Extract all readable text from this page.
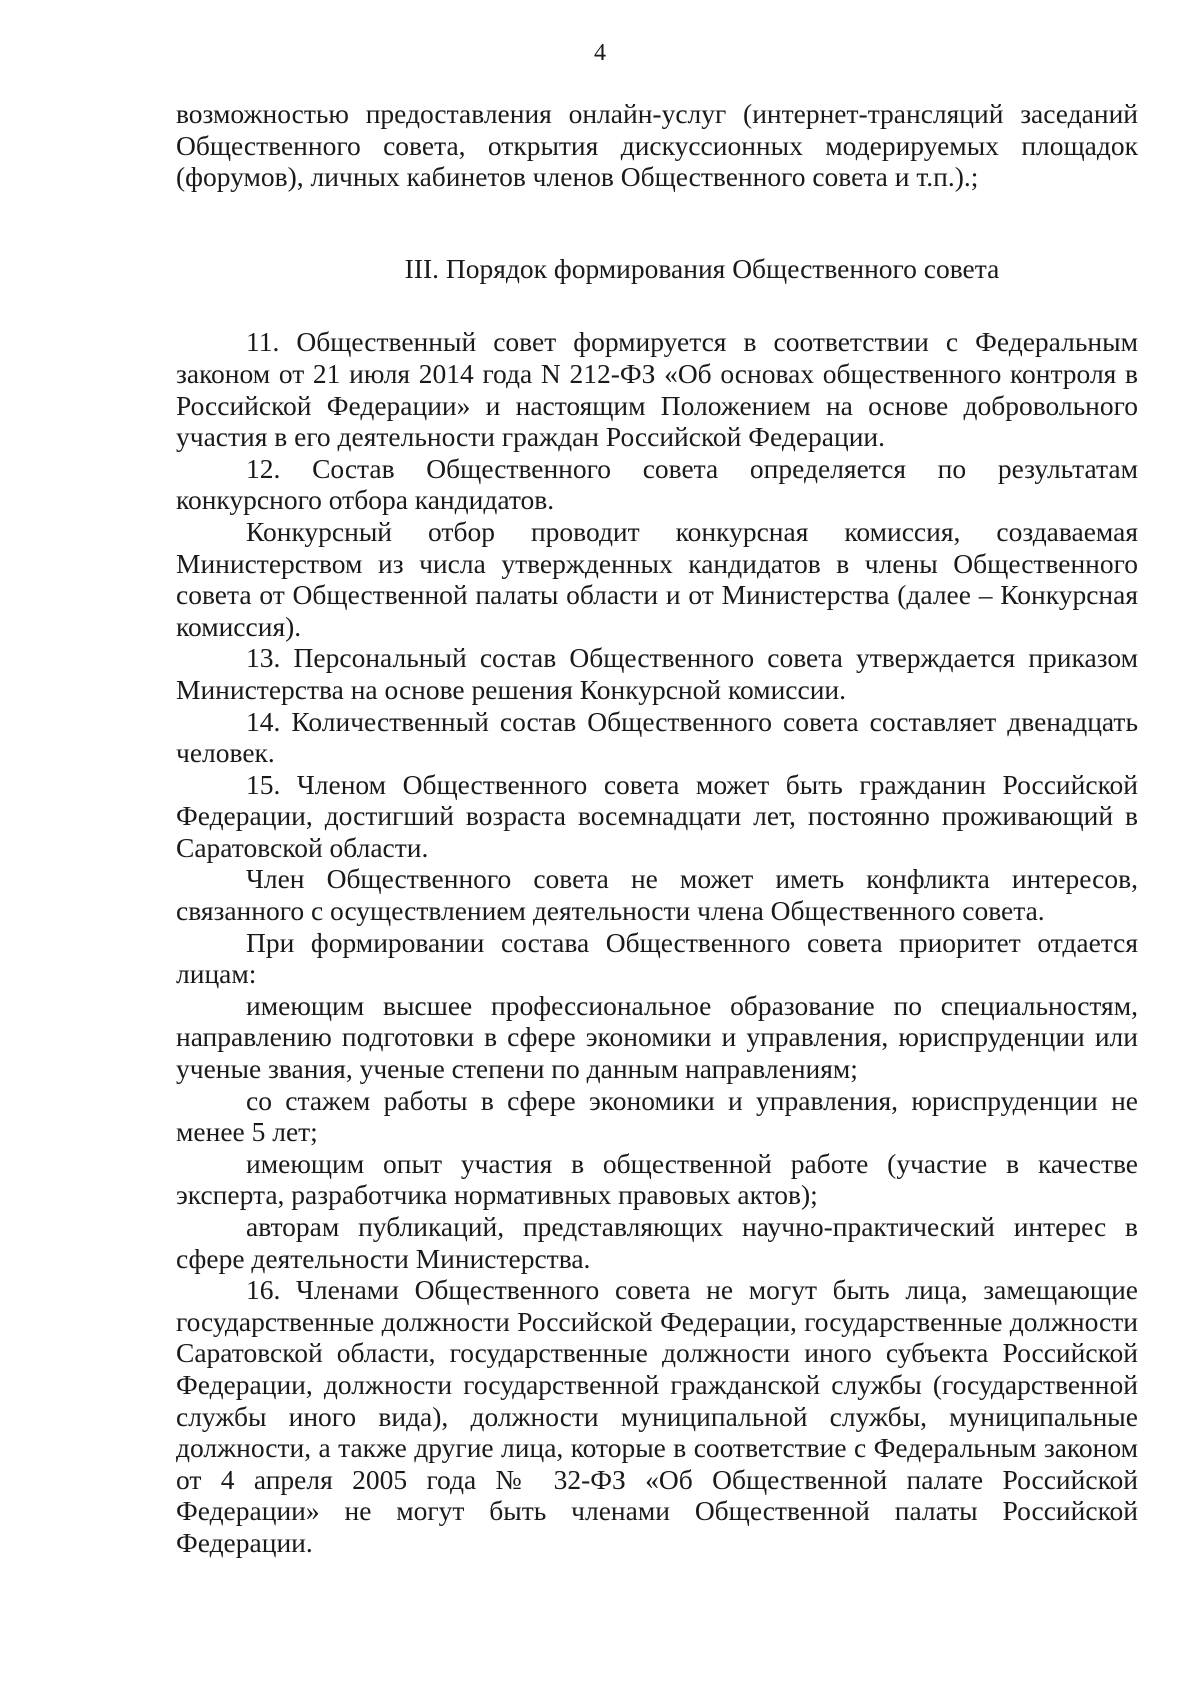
4

возможностью предоставления онлайн-услуг (интернет-трансляций заседаний Общественного совета, открытия дискуссионных модерируемых площадок (форумов), личных кабинетов членов Общественного совета и т.п.).;

III. Порядок формирования Общественного совета

11. Общественный совет формируется в соответствии с Федеральным законом от 21 июля 2014 года N 212-ФЗ «Об основах общественного контроля в Российской Федерации» и настоящим Положением на основе добровольного участия в его деятельности граждан Российской Федерации.

12. Состав Общественного совета определяется по результатам конкурсного отбора кандидатов.

Конкурсный отбор проводит конкурсная комиссия, создаваемая Министерством из числа утвержденных кандидатов в члены Общественного совета от Общественной палаты области и от Министерства (далее – Конкурсная комиссия).

13. Персональный состав Общественного совета утверждается приказом Министерства на основе решения Конкурсной комиссии.

14. Количественный состав Общественного совета составляет двенадцать человек.

15. Членом Общественного совета может быть гражданин Российской Федерации, достигший возраста восемнадцати лет, постоянно проживающий в Саратовской области.

Член Общественного совета не может иметь конфликта интересов, связанного с осуществлением деятельности члена Общественного совета.

При формировании состава Общественного совета приоритет отдается лицам:

имеющим высшее профессиональное образование по специальностям, направлению подготовки в сфере экономики и управления, юриспруденции или ученые звания, ученые степени по данным направлениям;

со стажем работы в сфере экономики и управления, юриспруденции не менее 5 лет;

имеющим опыт участия в общественной работе (участие в качестве эксперта, разработчика нормативных правовых актов);

авторам публикаций, представляющих научно-практический интерес в сфере деятельности Министерства.

16. Членами Общественного совета не могут быть лица, замещающие государственные должности Российской Федерации, государственные должности Саратовской области, государственные должности иного субъекта Российской Федерации, должности государственной гражданской службы (государственной службы иного вида), должности муниципальной службы, муниципальные должности, а также другие лица, которые в соответствие с Федеральным законом от 4 апреля 2005 года № 32-ФЗ «Об Общественной палате Российской Федерации» не могут быть членами Общественной палаты Российской Федерации.
